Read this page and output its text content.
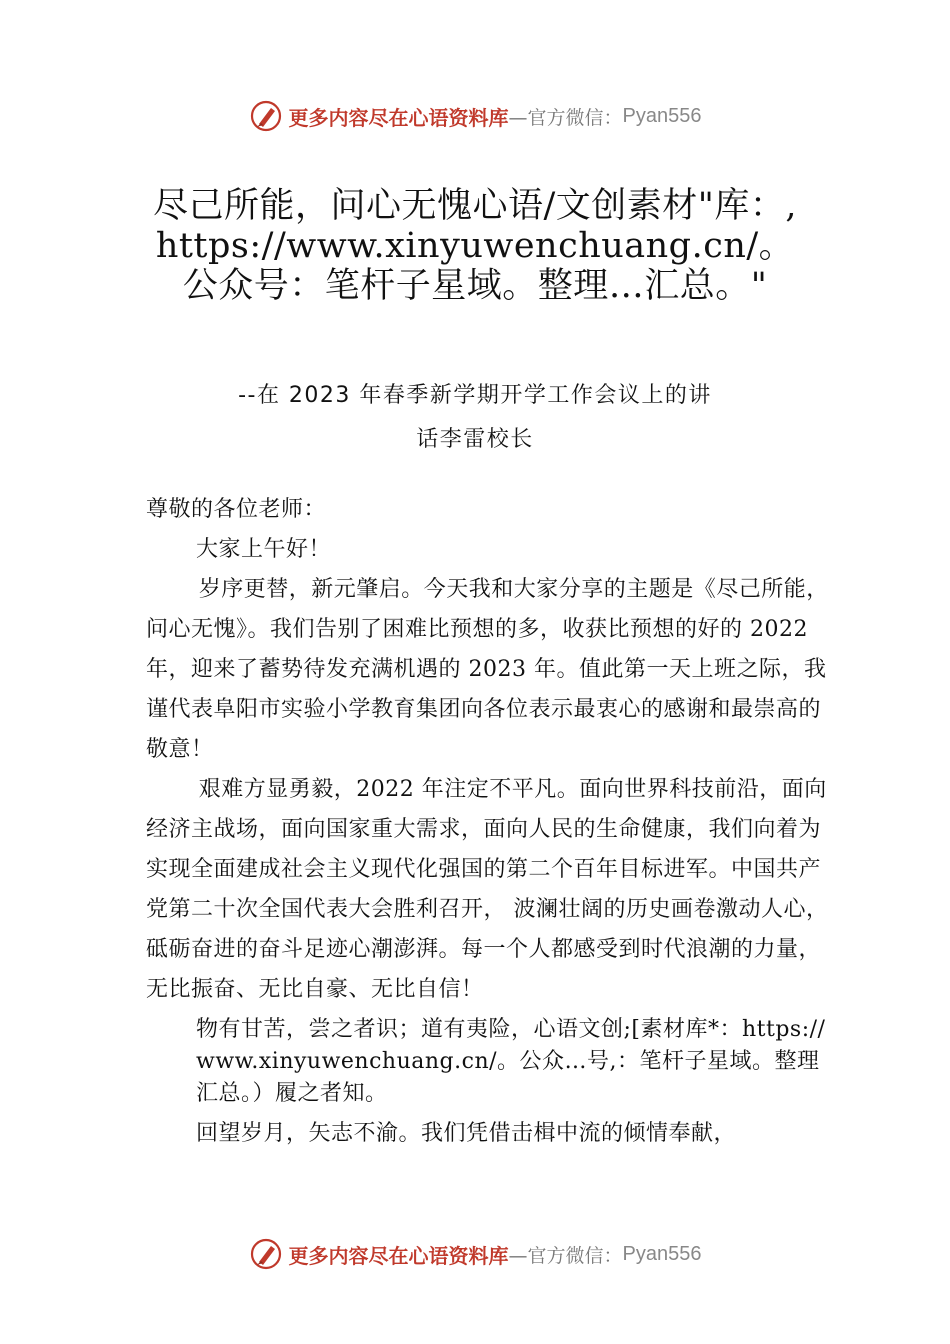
更多内容尽在心语资料库 —官方微信： Pyan556
尽己所能，问心无愧心语/文创素材"库：,https://www.xinyuwenchuang.cn/。公众号：笔杆子星域。整理…汇总。"
--在 2023 年春季新学期开学工作会议上的讲
话李雷校长

尊敬的各位老师：

大家上午好！

岁序更替，新元肇启。今天我和大家分享的主题是《尽己所能，问心无愧》。我们告别了困难比预想的多，收获比预想的好的 2022 年，迎来了蓄势待发充满机遇的 2023 年。值此第一天上班之际，我谨代表阜阳市实验小学教育集团向各位表示最衷心的感谢和最崇高的敬意！

艰难方显勇毅，2022 年注定不平凡。面向世界科技前沿，面向经济主战场，面向国家重大需求，面向人民的生命健康，我们向着为实现全面建成社会主义现代化强国的第二个百年目标进军。中国共产党第二十次全国代表大会胜利召开， 波澜壮阔的历史画卷激动人心，砥砺奋进的奋斗足迹心潮澎湃。每一个人都感受到时代浪潮的力量，无比振奋、无比自豪、无比自信！

物有甘苦，尝之者识；道有夷险，心语文创;[素材库*：https://www.xinyuwenchuang.cn/。公众…号,：笔杆子星域。整理汇总。）履之者知。

回望岁月，矢志不渝。我们凭借击楫中流的倾情奉献，

更多内容尽在心语资料库 —官方微信： Pyan556
